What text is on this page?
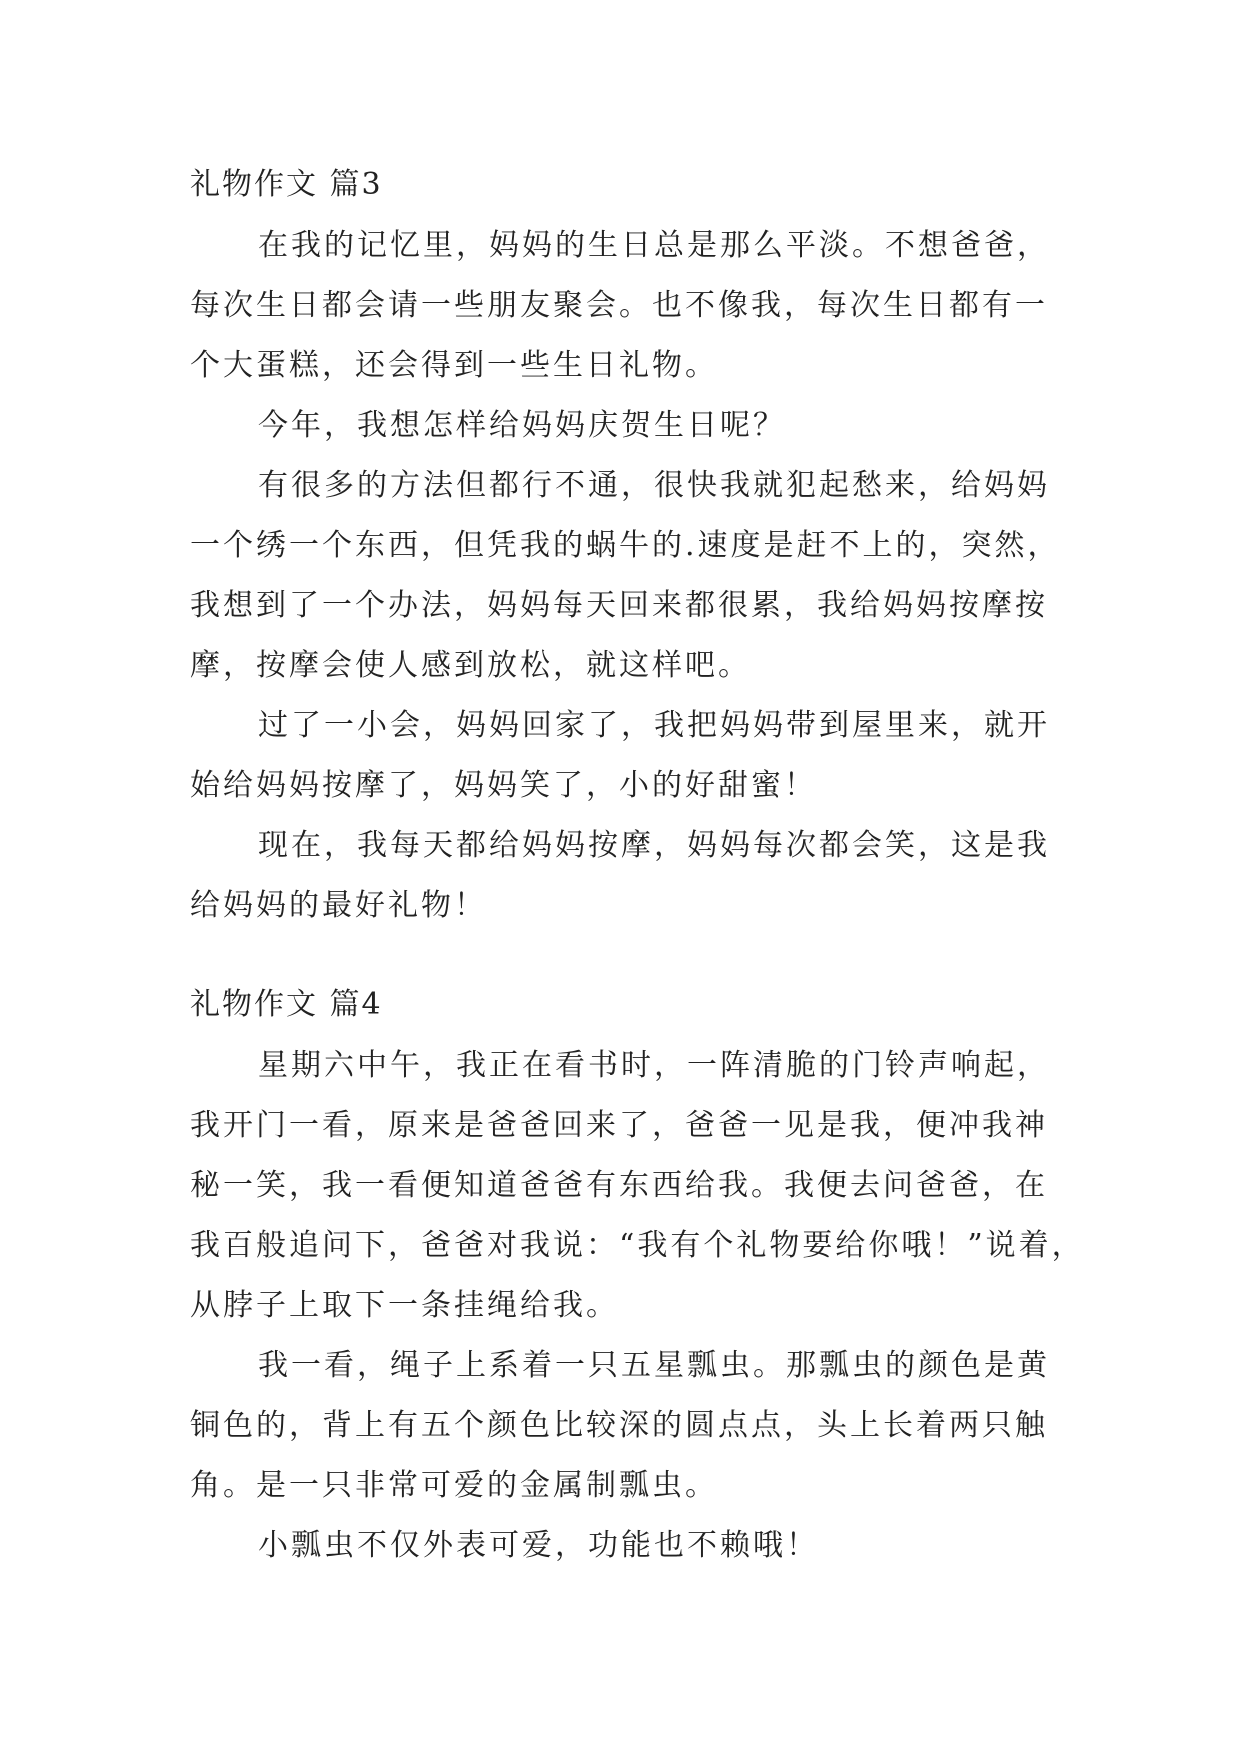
礼物作文 篇3
在我的记忆里，妈妈的生日总是那么平淡。不想爸爸，
每次生日都会请一些朋友聚会。也不像我，每次生日都有一
个大蛋糕，还会得到一些生日礼物。
今年，我想怎样给妈妈庆贺生日呢？
有很多的方法但都行不通，很快我就犯起愁来，给妈妈
一个绣一个东西，但凭我的蜗牛的.速度是赶不上的，突然，
我想到了一个办法，妈妈每天回来都很累，我给妈妈按摩按
摩，按摩会使人感到放松，就这样吧。
过了一小会，妈妈回家了，我把妈妈带到屋里来，就开
始给妈妈按摩了，妈妈笑了，小的好甜蜜！
现在，我每天都给妈妈按摩，妈妈每次都会笑，这是我
给妈妈的最好礼物！
礼物作文 篇4
星期六中午，我正在看书时，一阵清脆的门铃声响起，
我开门一看，原来是爸爸回来了，爸爸一见是我，便冲我神
秘一笑，我一看便知道爸爸有东西给我。我便去问爸爸，在
我百般追问下，爸爸对我说：“我有个礼物要给你哦！”说着，
从脖子上取下一条挂绳给我。
我一看，绳子上系着一只五星瓢虫。那瓢虫的颜色是黄
铜色的，背上有五个颜色比较深的圆点点，头上长着两只触
角。是一只非常可爱的金属制瓢虫。
小瓢虫不仅外表可爱，功能也不赖哦！
